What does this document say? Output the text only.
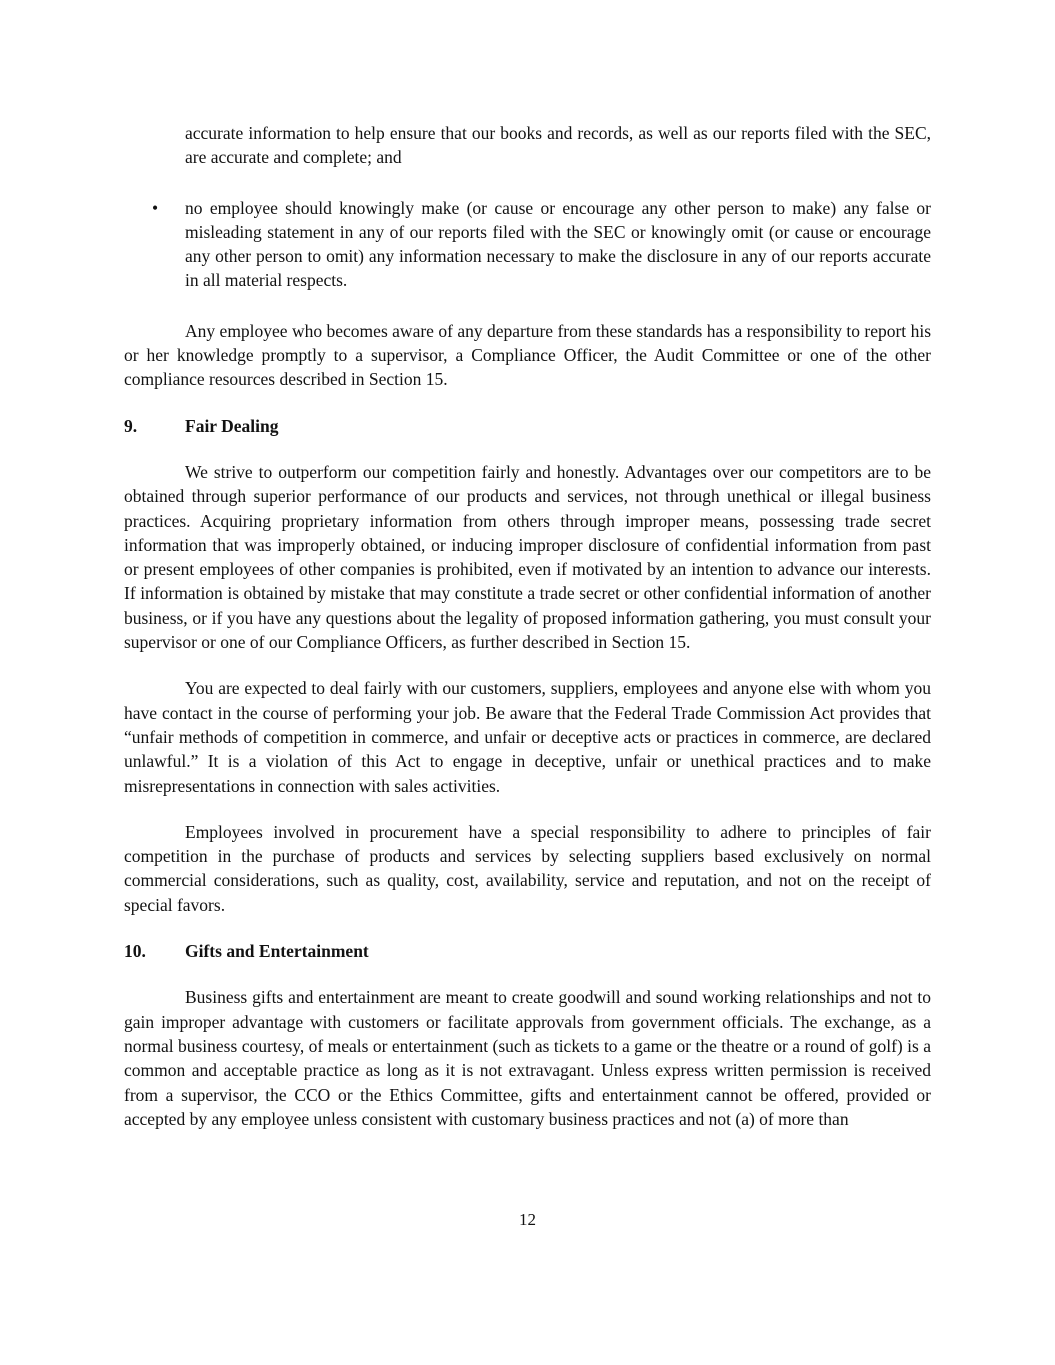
accurate information to help ensure that our books and records, as well as our reports filed with the SEC, are accurate and complete; and
• no employee should knowingly make (or cause or encourage any other person to make) any false or misleading statement in any of our reports filed with the SEC or knowingly omit (or cause or encourage any other person to omit) any information necessary to make the disclosure in any of our reports accurate in all material respects.

Any employee who becomes aware of any departure from these standards has a responsibility to report his or her knowledge promptly to a supervisor, a Compliance Officer, the Audit Committee or one of the other compliance resources described in Section 15.

9.	Fair Dealing

We strive to outperform our competition fairly and honestly. Advantages over our competitors are to be obtained through superior performance of our products and services, not through unethical or illegal business practices. Acquiring proprietary information from others through improper means, possessing trade secret information that was improperly obtained, or inducing improper disclosure of confidential information from past or present employees of other companies is prohibited, even if motivated by an intention to advance our interests. If information is obtained by mistake that may constitute a trade secret or other confidential information of another business, or if you have any questions about the legality of proposed information gathering, you must consult your supervisor or one of our Compliance Officers, as further described in Section 15.

You are expected to deal fairly with our customers, suppliers, employees and anyone else with whom you have contact in the course of performing your job. Be aware that the Federal Trade Commission Act provides that “unfair methods of competition in commerce, and unfair or deceptive acts or practices in commerce, are declared unlawful.” It is a violation of this Act to engage in deceptive, unfair or unethical practices and to make misrepresentations in connection with sales activities.

Employees involved in procurement have a special responsibility to adhere to principles of fair competition in the purchase of products and services by selecting suppliers based exclusively on normal commercial considerations, such as quality, cost, availability, service and reputation, and not on the receipt of special favors.

10. Gifts and Entertainment

Business gifts and entertainment are meant to create goodwill and sound working relationships and not to gain improper advantage with customers or facilitate approvals from government officials. The exchange, as a normal business courtesy, of meals or entertainment (such as tickets to a game or the theatre or a round of golf) is a common and acceptable practice as long as it is not extravagant. Unless express written permission is received from a supervisor, the CCO or the Ethics Committee, gifts and entertainment cannot be offered, provided or accepted by any employee unless consistent with customary business practices and not (a) of more than

12
